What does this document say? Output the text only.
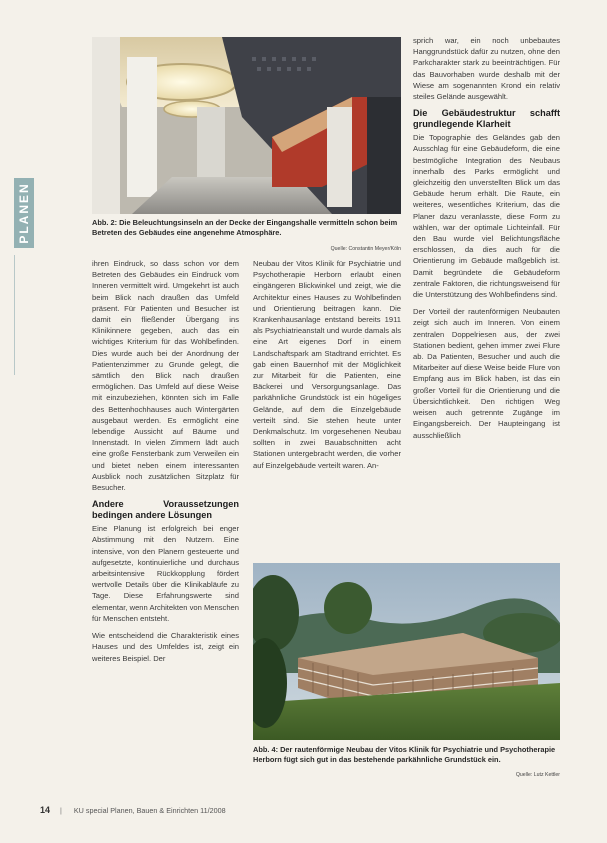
PLANEN	Abb. 2: Die Beleuchtungsinseln an der Decke der Eingangshalle vermitteln schon beim Betreten des Gebäudes eine angenehme Atmosphäre.
Quelle: Constantin Meyer/Köln

sprich war, ein noch unbebautes Hanggrundstück dafür zu nutzen, ohne den Parkcharakter stark zu beeinträchtigen. Für das Bauvorhaben wurde deshalb mit der Wiese am sogenannten Krond ein relativ steiles Gelände ausgewählt.

Die Gebäudestruktur schafft grundlegende Klarheit

Die Topographie des Geländes gab den Ausschlag für eine Gebäudeform, die eine bestmögliche Integration des Neubaus innerhalb des Parks ermöglicht und gleichzeitig den unverstellten Blick um das Gebäude herum erhält. Die Raute, ein weiteres, wesentliches Kriterium, das die Planer dazu veranlasste, diese Form zu wählen, war der optimale Lichteinfall. Für den Bau wurde viel Belichtungsfläche erschlossen, da dies auch für die Orientierung im Gebäude maßgeblich ist. Damit begründete die Gebäudeform zentrale Faktoren, die richtungsweisend für die Unterstützung des Wohlbefindens sind.

Der Vorteil der rautenförmigen Neubauten zeigt sich auch im Inneren. Von einem zentralen Doppelriesen aus, der zwei Stationen bedient, gehen immer zwei Flure ab. Da Patienten, Besucher und auch die Mitarbeiter auf diese Weise beide Flure von Empfang aus im Blick haben, ist das ein großer Vorteil für die Orientierung und die Übersichtlichkeit. Den richtigen Weg weisen auch getrennte Zugänge im Eingangsbereich. Der Haupteingang ist ausschließlich

ihren Eindruck, so dass schon vor dem Betreten des Gebäudes ein Eindruck vom Inneren vermittelt wird. Umgekehrt ist auch beim Blick nach draußen das Umfeld präsent. Für Patienten und Besucher ist damit ein fließender Übergang ins Klinikinnere gegeben, auch das ein wichtiges Kriterium für das Wohlbefinden. Dies wurde auch bei der Anordnung der Patientenzimmer zu Grunde gelegt, die sämtlich den Blick nach draußen ermöglichen. Das Umfeld auf diese Weise mit einzubeziehen, könnten sich im Falle des Bettenhochhauses auch Wintergärten ausgebaut werden. Es ermöglicht eine lebendige Aussicht auf Bäume und Innenstadt. In vielen Zimmern lädt auch eine große Fensterbank zum Verweilen ein und bietet neben einem interessanten Ausblick noch zusätzlichen Sitzplatz für Besucher.

Andere Voraussetzungen bedingen andere Lösungen

Eine Planung ist erfolgreich bei enger Abstimmung mit den Nutzern. Eine intensive, von den Planern gesteuerte und aufgesetzte, kontinuierliche und durchaus arbeitsintensive Rückkopplung fördert wertvolle Details über die Klinikabläufe zu Tage. Diese Erfahrungswerte sind elementar, wenn Architekten von Menschen für Menschen entsteht.

Wie entscheidend die Charakteristik eines Hauses und des Umfeldes ist, zeigt ein weiteres Beispiel. Der

Neubau der Vitos Klinik für Psychiatrie und Psychotherapie Herborn erlaubt einen eingängeren Blickwinkel und zeigt, wie die Architektur eines Hauses zu Wohlbefinden und Orientierung beitragen kann. Die Krankenhausanlage entstand bereits 1911 als Psychiatrieanstalt und wurde damals als eine Art eigenes Dorf in einem Landschaftspark am Stadtrand errichtet. Es gab einen Bauernhof mit der Möglichkeit zur Mitarbeit für die Patienten, eine Bäckerei und Versorgungsanlage. Das parkähnliche Grundstück ist ein hügeliges Gelände, auf dem die Einzelgebäude verteilt sind. Sie stehen heute unter Denkmalschutz. Im vorgesehenen Neubau sollten in zwei Bauabschnitten acht Stationen untergebracht werden, die vorher auf Einzelgebäude verteilt waren. An-

Abb. 4: Der rautenförmige Neubau der Vitos Klinik für Psychiatrie und Psychotherapie Herborn fügt sich gut in das bestehende parkähnliche Grundstück ein.
Quelle: Lutz Kettler
14 | KU special Planen, Bauen & Einrichten 11/2008
